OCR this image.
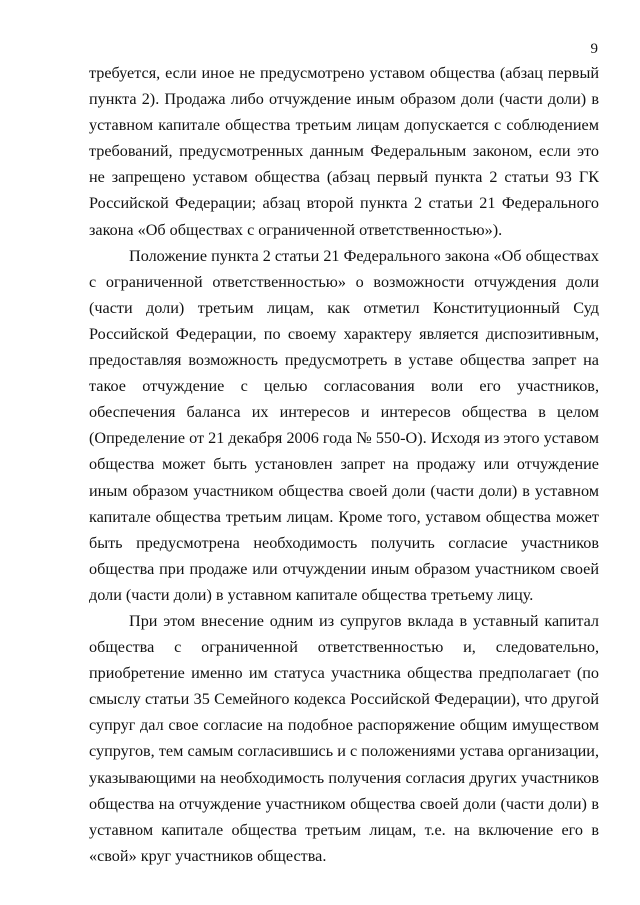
9

требуется, если иное не предусмотрено уставом общества (абзац первый пункта 2). Продажа либо отчуждение иным образом доли (части доли) в уставном капитале общества третьим лицам допускается с соблюдением требований, предусмотренных данным Федеральным законом, если это не запрещено уставом общества (абзац первый пункта 2 статьи 93 ГК Российской Федерации; абзац второй пункта 2 статьи 21 Федерального закона «Об обществах с ограниченной ответственностью»).

Положение пункта 2 статьи 21 Федерального закона «Об обществах с ограниченной ответственностью» о возможности отчуждения доли (части доли) третьим лицам, как отметил Конституционный Суд Российской Федерации, по своему характеру является диспозитивным, предоставляя возможность предусмотреть в уставе общества запрет на такое отчуждение с целью согласования воли его участников, обеспечения баланса их интересов и интересов общества в целом (Определение от 21 декабря 2006 года № 550-О). Исходя из этого уставом общества может быть установлен запрет на продажу или отчуждение иным образом участником общества своей доли (части доли) в уставном капитале общества третьим лицам. Кроме того, уставом общества может быть предусмотрена необходимость получить согласие участников общества при продаже или отчуждении иным образом участником своей доли (части доли) в уставном капитале общества третьему лицу.

При этом внесение одним из супругов вклада в уставный капитал общества с ограниченной ответственностью и, следовательно, приобретение именно им статуса участника общества предполагает (по смыслу статьи 35 Семейного кодекса Российской Федерации), что другой супруг дал свое согласие на подобное распоряжение общим имуществом супругов, тем самым согласившись и с положениями устава организации, указывающими на необходимость получения согласия других участников общества на отчуждение участником общества своей доли (части доли) в уставном капитале общества третьим лицам, т.е. на включение его в «свой» круг участников общества.
